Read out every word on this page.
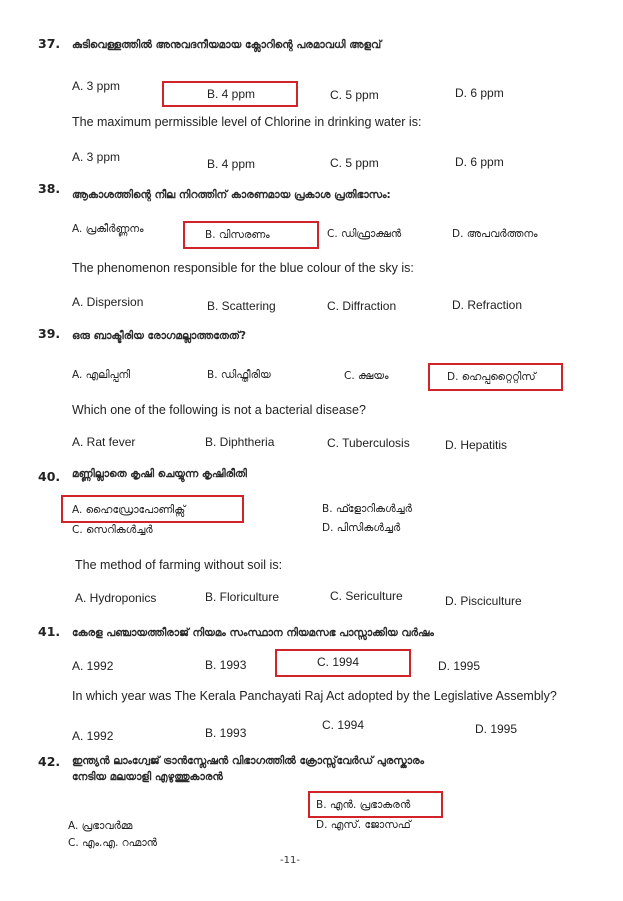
37. കുടിവെള്ളത്തിൽ അനുവദനീയമായ ക്ലോറിന്റെ പരമാവധി അളവ്
A. 3 ppm
B. 4 ppm	C. 5 ppm	D. 6 ppm
The maximum permissible level of Chlorine in drinking water is:
A. 3 ppm	B. 4 ppm	C. 5 ppm	D. 6 ppm
38. ആകാശത്തിന്റെ നീല നിറത്തിന് കാരണമായ പ്രകാശ പ്രതിഭാസം:
A. പ്രകീർണ്ണനം	B. വിസരണം	C. ഡിഫ്രാക്ഷൻ	D. അപവർത്തനം
The phenomenon responsible for the blue colour of the sky is:
A. Dispersion	B. Scattering	C. Diffraction	D. Refraction
39. ഒരു ബാക്ടീരിയ രോഗമല്ലാത്തതേത്?
A. എലിപ്പനി	B. ഡിഫ്തീരിയ	C. ക്ഷയം	D. ഹെപ്പറ്റൈറ്റിസ്
Which one of the following is not a bacterial disease?
A. Rat fever	B. Diphtheria	C. Tuberculosis	D. Hepatitis
40. മണ്ണില്ലാതെ കൃഷി ചെയ്യുന്ന കൃഷിരീതി
A. ഹൈഡ്രോപോണിക്സ്	B. ഫ്ളോറികൾച്ചർ
C. സെറികൾച്ചർ	D. പിസികൾച്ചർ
The method of farming without soil is:
A. Hydroponics	B. Floriculture	C. Sericulture	D. Pisciculture
41. കേരള പഞ്ചായത്തീരാജ് നിയമം സംസ്ഥാന നിയമസഭ പാസ്സാക്കിയ വർഷം
A. 1992	B. 1993	C. 1994	D. 1995
In which year was The Kerala Panchayati Raj Act adopted by the Legislative Assembly?
A. 1992	B. 1993
C. 1994	D. 1995
42. ഇന്ത്യൻ ലാംഗ്വേജ് ട്രാൻസ്ലേഷൻ വിഭാഗത്തിൽ ക്രോസ്സ്‌വേർഡ് പുരസ്കാരം
നേടിയ മലയാളി എഴുത്തുകാരൻ
B. എൻ. പ്രഭാകരൻ
D. എസ്. ജോസഫ്
A. പ്രഭാവർമ്മ
C. എം.എ. റഹ്മാൻ
-11-
